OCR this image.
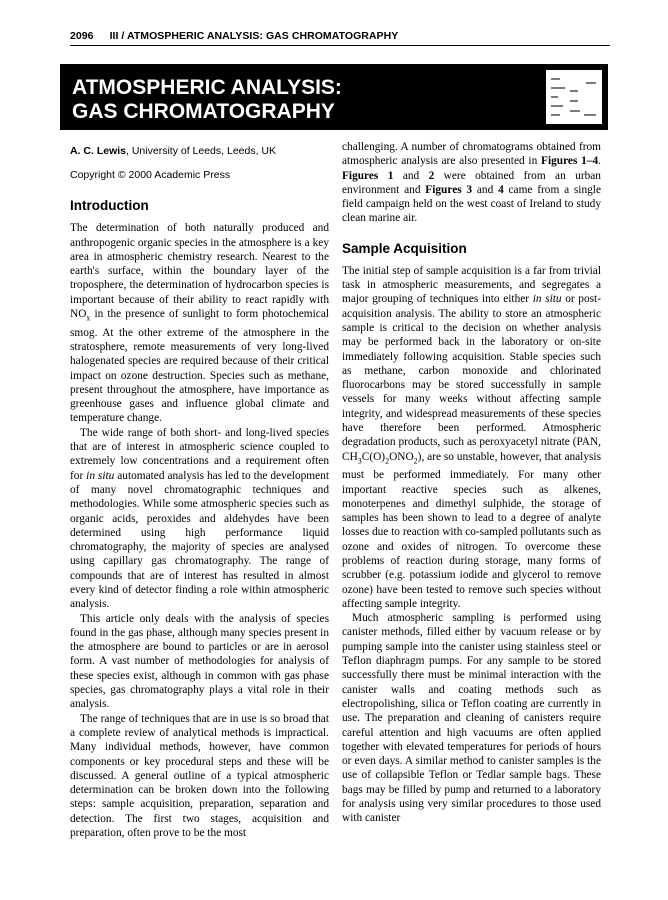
2096 III / ATMOSPHERIC ANALYSIS: GAS CHROMATOGRAPHY
ATMOSPHERIC ANALYSIS:
GAS CHROMATOGRAPHY
A. C. Lewis, University of Leeds, Leeds, UK
Copyright © 2000 Academic Press
Introduction

The determination of both naturally produced and anthropogenic organic species in the atmosphere is a key area in atmospheric chemistry research. Nearest to the earth's surface, within the boundary layer of the troposphere, the determination of hydrocarbon species is important because of their ability to react rapidly with $NO_x$ in the presence of sunlight to form photochemical smog. At the other extreme of the atmosphere in the stratosphere, remote measurements of very long-lived halogenated species are required because of their critical impact on ozone destruction. Species such as methane, present throughout the atmosphere, have importance as greenhouse gases and influence global climate and temperature change.

The wide range of both short- and long-lived species that are of interest in atmospheric science coupled to extremely low concentrations and a requirement often for in situ automated analysis has led to the development of many novel chromatographic techniques and methodologies. While some atmospheric species such as organic acids, peroxides and aldehydes have been determined using high performance liquid chromatography, the majority of species are analysed using capillary gas chromatography. The range of compounds that are of interest has resulted in almost every kind of detector finding a role within atmospheric analysis.

This article only deals with the analysis of species found in the gas phase, although many species present in the atmosphere are bound to particles or are in aerosol form. A vast number of methodologies for analysis of these species exist, although in common with gas phase species, gas chromatography plays a vital role in their analysis.

The range of techniques that are in use is so broad that a complete review of analytical methods is impractical. Many individual methods, however, have common components or key procedural steps and these will be discussed. A general outline of a typical atmospheric determination can be broken down into the following steps: sample acquisition, preparation, separation and detection. The first two stages, acquisition and preparation, often prove to be the most

challenging. A number of chromatograms obtained from atmospheric analysis are also presented in Figures 1–4. Figures 1 and 2 were obtained from an urban environment and Figures 3 and 4 came from a single field campaign held on the west coast of Ireland to study clean marine air.

Sample Acquisition

The initial step of sample acquisition is a far from trivial task in atmospheric measurements, and segregates a major grouping of techniques into either in situ or post-acquisition analysis. The ability to store an atmospheric sample is critical to the decision on whether analysis may be performed back in the laboratory or on-site immediately following acquisition. Stable species such as methane, carbon monoxide and chlorinated fluorocarbons may be stored successfully in sample vessels for many weeks without affecting sample integrity, and widespread measurements of these species have therefore been performed. Atmospheric degradation products, such as peroxyacetyl nitrate (PAN, $CH_3C(O)_2ONO_2$), are so unstable, however, that analysis must be performed immediately. For many other important reactive species such as alkenes, monoterpenes and dimethyl sulphide, the storage of samples has been shown to lead to a degree of analyte losses due to reaction with co-sampled pollutants such as ozone and oxides of nitrogen. To overcome these problems of reaction during storage, many forms of scrubber (e.g. potassium iodide and glycerol to remove ozone) have been tested to remove such species without affecting sample integrity.

Much atmospheric sampling is performed using canister methods, filled either by vacuum release or by pumping sample into the canister using stainless steel or Teflon diaphragm pumps. For any sample to be stored successfully there must be minimal interaction with the canister walls and coating methods such as electropolishing, silica or Teflon coating are currently in use. The preparation and cleaning of canisters require careful attention and high vacuums are often applied together with elevated temperatures for periods of hours or even days. A similar method to canister samples is the use of collapsible Teflon or Tedlar sample bags. These bags may be filled by pump and returned to a laboratory for analysis using very similar procedures to those used with canister
